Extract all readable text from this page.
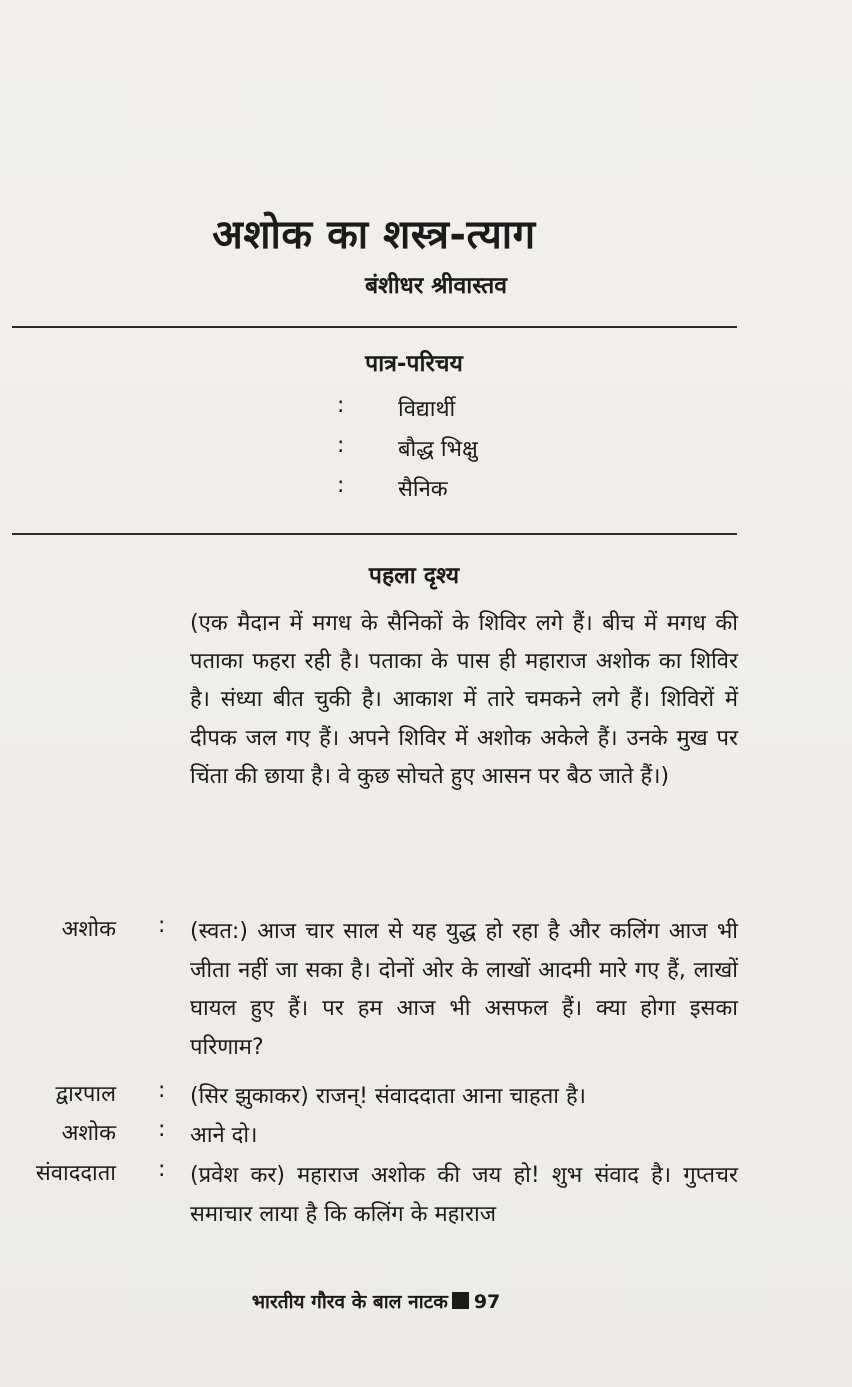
अशोक का शस्त्र-त्याग
बंशीधर श्रीवास्तव
पात्र-परिचय
: विद्यार्थी
: बौद्ध भिक्षु
: सैनिक
पहला दृश्य
(एक मैदान में मगध के सैनिकों के शिविर लगे हैं। बीच में मगध की पताका फहरा रही है। पताका के पास ही महाराज अशोक का शिविर है। संध्या बीत चुकी है। आकाश में तारे चमकने लगे हैं। शिविरों में दीपक जल गए हैं। अपने शिविर में अशोक अकेले हैं। उनके मुख पर चिंता की छाया है। वे कुछ सोचते हुए आसन पर बैठ जाते हैं।)
अशोक : (स्वत:) आज चार साल से यह युद्ध हो रहा है और कलिंग आज भी जीता नहीं जा सका है। दोनों ओर के लाखों आदमी मारे गए हैं, लाखों घायल हुए हैं। पर हम आज भी असफल हैं। क्या होगा इसका परिणाम?
द्वारपाल : (सिर झुकाकर) राजन्! संवाददाता आना चाहता है।
अशोक : आने दो।
संवाददाता : (प्रवेश कर) महाराज अशोक की जय हो! शुभ संवाद है। गुप्तचर समाचार लाया है कि कलिंग के महाराज
भारतीय गौरव के बाल नाटक 97
